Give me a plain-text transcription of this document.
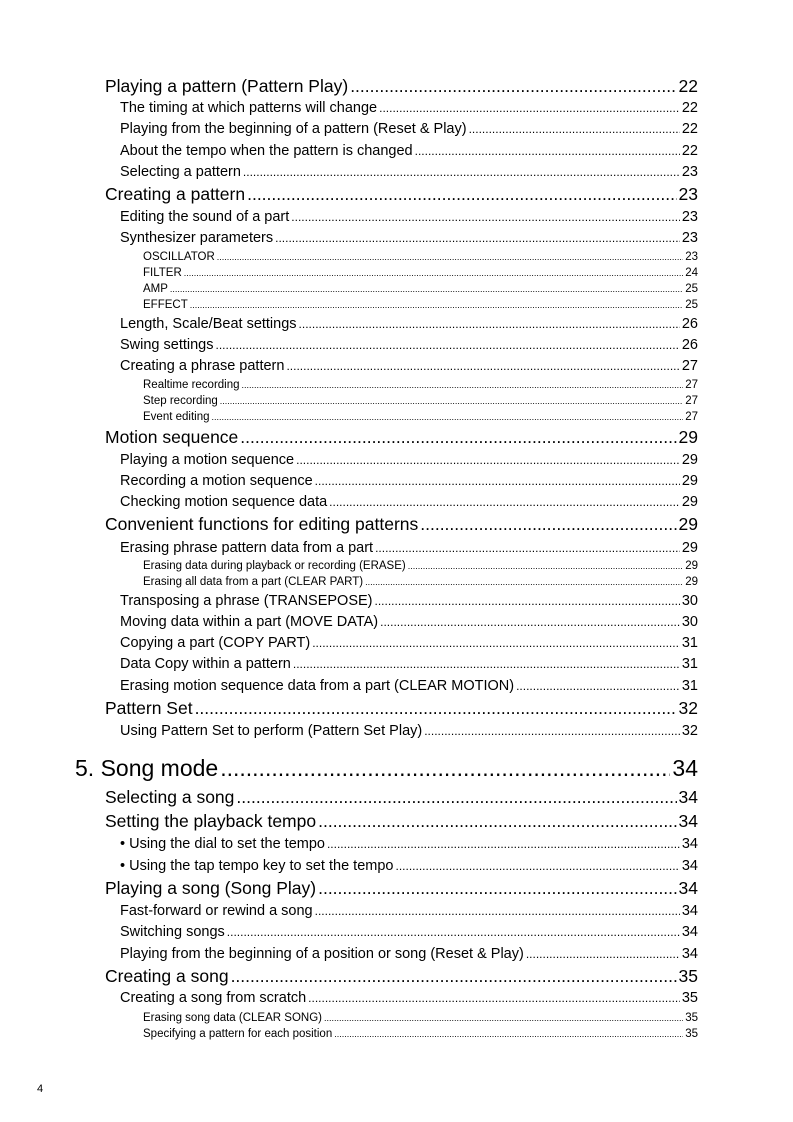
Playing a pattern (Pattern Play) .....	22
The timing at which patterns will change .....	22
Playing from the beginning of a pattern (Reset & Play) .....	22
About the tempo when the pattern is changed .....	22
Selecting a pattern .....	23
Creating a pattern .....	23
Editing the sound of a part .....	23
Synthesizer parameters .....	23
OSCILLATOR .....	23
FILTER .....	24
AMP .....	25
EFFECT .....	25
Length, Scale/Beat settings .....	26
Swing settings .....	26
Creating a phrase pattern .....	27
Realtime recording .....	27
Step recording .....	27
Event editing .....	27
Motion sequence .....	29
Playing a motion sequence .....	29
Recording a motion sequence .....	29
Checking motion sequence data .....	29
Convenient functions for editing patterns .....	29
Erasing phrase pattern data from a part .....	29
Erasing data during playback or recording (ERASE) .....	29
Erasing all data from a part (CLEAR PART) .....	29
Transposing a phrase (TRANSEPOSE) .....	30
Moving data within a part (MOVE DATA) .....	30
Copying a part (COPY PART) .....	31
Data Copy within a pattern .....	31
Erasing motion sequence data from a part (CLEAR MOTION) .....	31
Pattern Set .....	32
Using Pattern Set to perform (Pattern Set Play) .....	32
5. Song mode .....	34
Selecting a song .....	34
Setting the playback tempo .....	34
• Using the dial to set the tempo .....	34
• Using the tap tempo key to set the tempo .....	34
Playing a song (Song Play) .....	34
Fast-forward or rewind a song .....	34
Switching songs .....	34
Playing from the beginning of a position or song (Reset & Play) .....	34
Creating a song .....	35
Creating a song from scratch .....	35
Erasing song data (CLEAR SONG) .....	35
Specifying a pattern for each position .....	35
4
